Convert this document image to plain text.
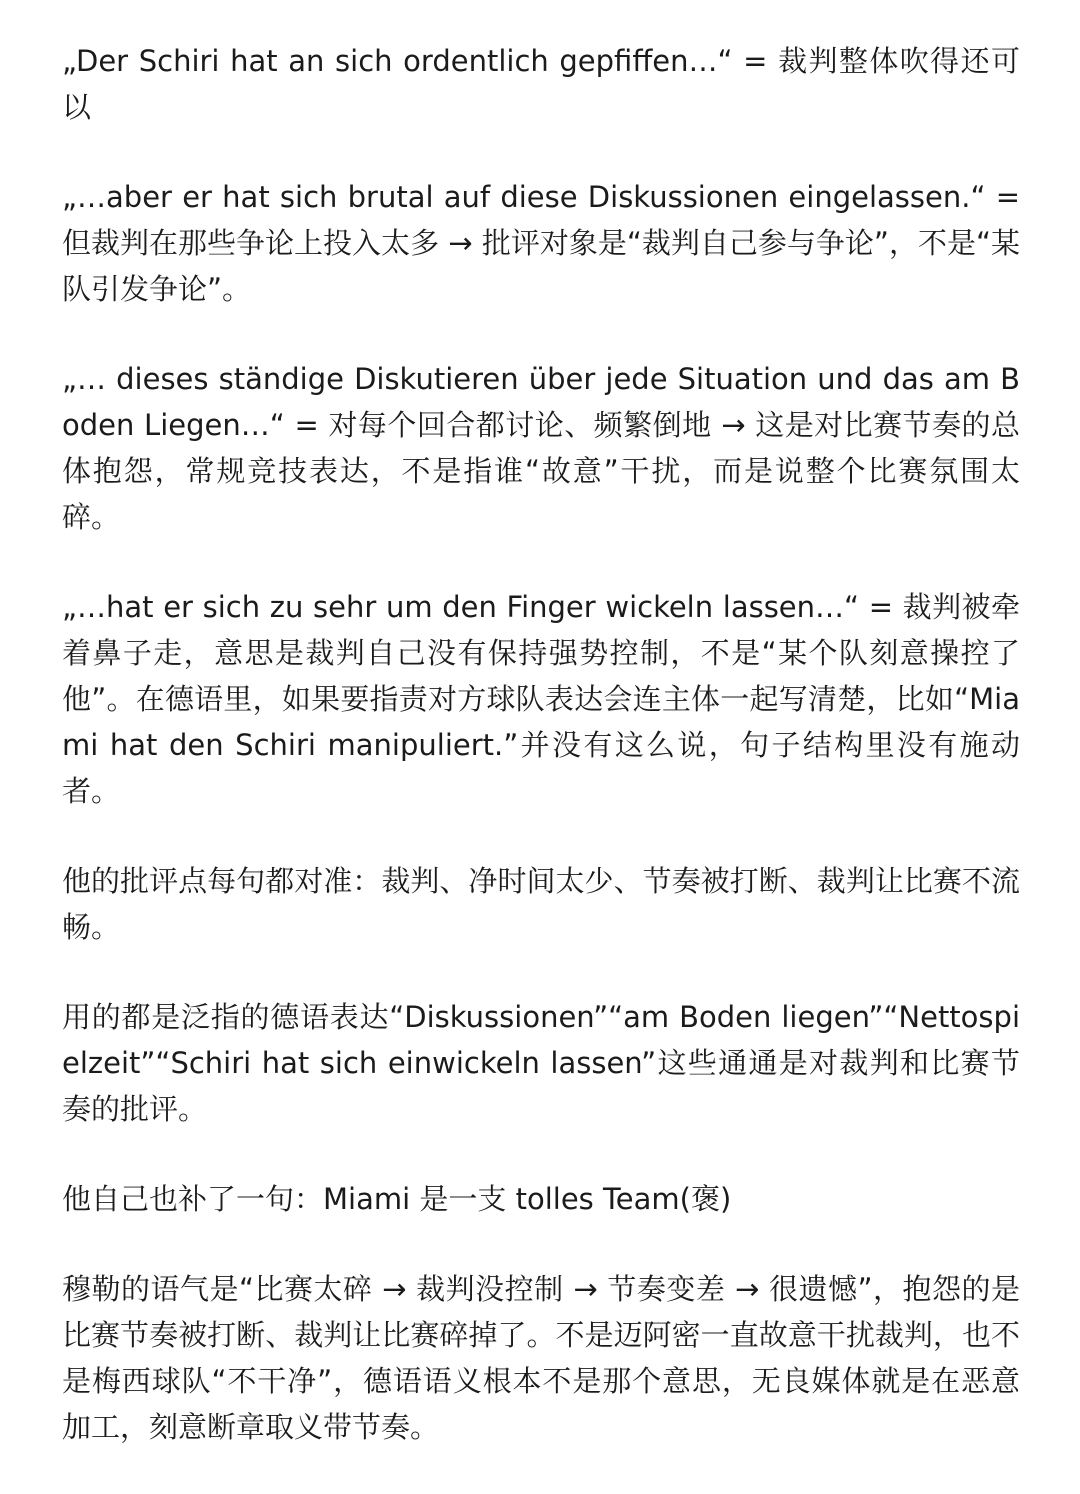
„Der Schiri hat an sich ordentlich gepfiffen…“ = 裁判整体吹得还可以

„…aber er hat sich brutal auf diese Diskussionen eingelassen.“ = 但裁判在那些争论上投入太多 → 批评对象是“裁判自己参与争论”，不是“某队引发争论”。

„… dieses ständige Diskutieren über jede Situation und das am Boden Liegen…“ = 对每个回合都讨论、频繁倒地 → 这是对比赛节奏的总体抱怨，常规竞技表达，不是指谁“故意”干扰，而是说整个比赛氛围太碎。

„…hat er sich zu sehr um den Finger wickeln lassen…“ = 裁判被牵着鼻子走，意思是裁判自己没有保持强势控制，不是“某个队刻意操控了他”。在德语里，如果要指责对方球队表达会连主体一起写清楚，比如“Miami hat den Schiri manipuliert.”并没有这么说，句子结构里没有施动者。

他的批评点每句都对准：裁判、净时间太少、节奏被打断、裁判让比赛不流畅。

用的都是泛指的德语表达“Diskussionen”“am Boden liegen”“Nettospielzeit”“Schiri hat sich einwickeln lassen”这些通通是对裁判和比赛节奏的批评。

他自己也补了一句：Miami 是一支 tolles Team(褒)

穆勒的语气是“比赛太碎 → 裁判没控制 → 节奏变差 → 很遗憾”，抱怨的是比赛节奏被打断、裁判让比赛碎掉了。不是迈阿密一直故意干扰裁判，也不是梅西球队“不干净”，德语语义根本不是那个意思，无良媒体就是在恶意加工，刻意断章取义带节奏。
